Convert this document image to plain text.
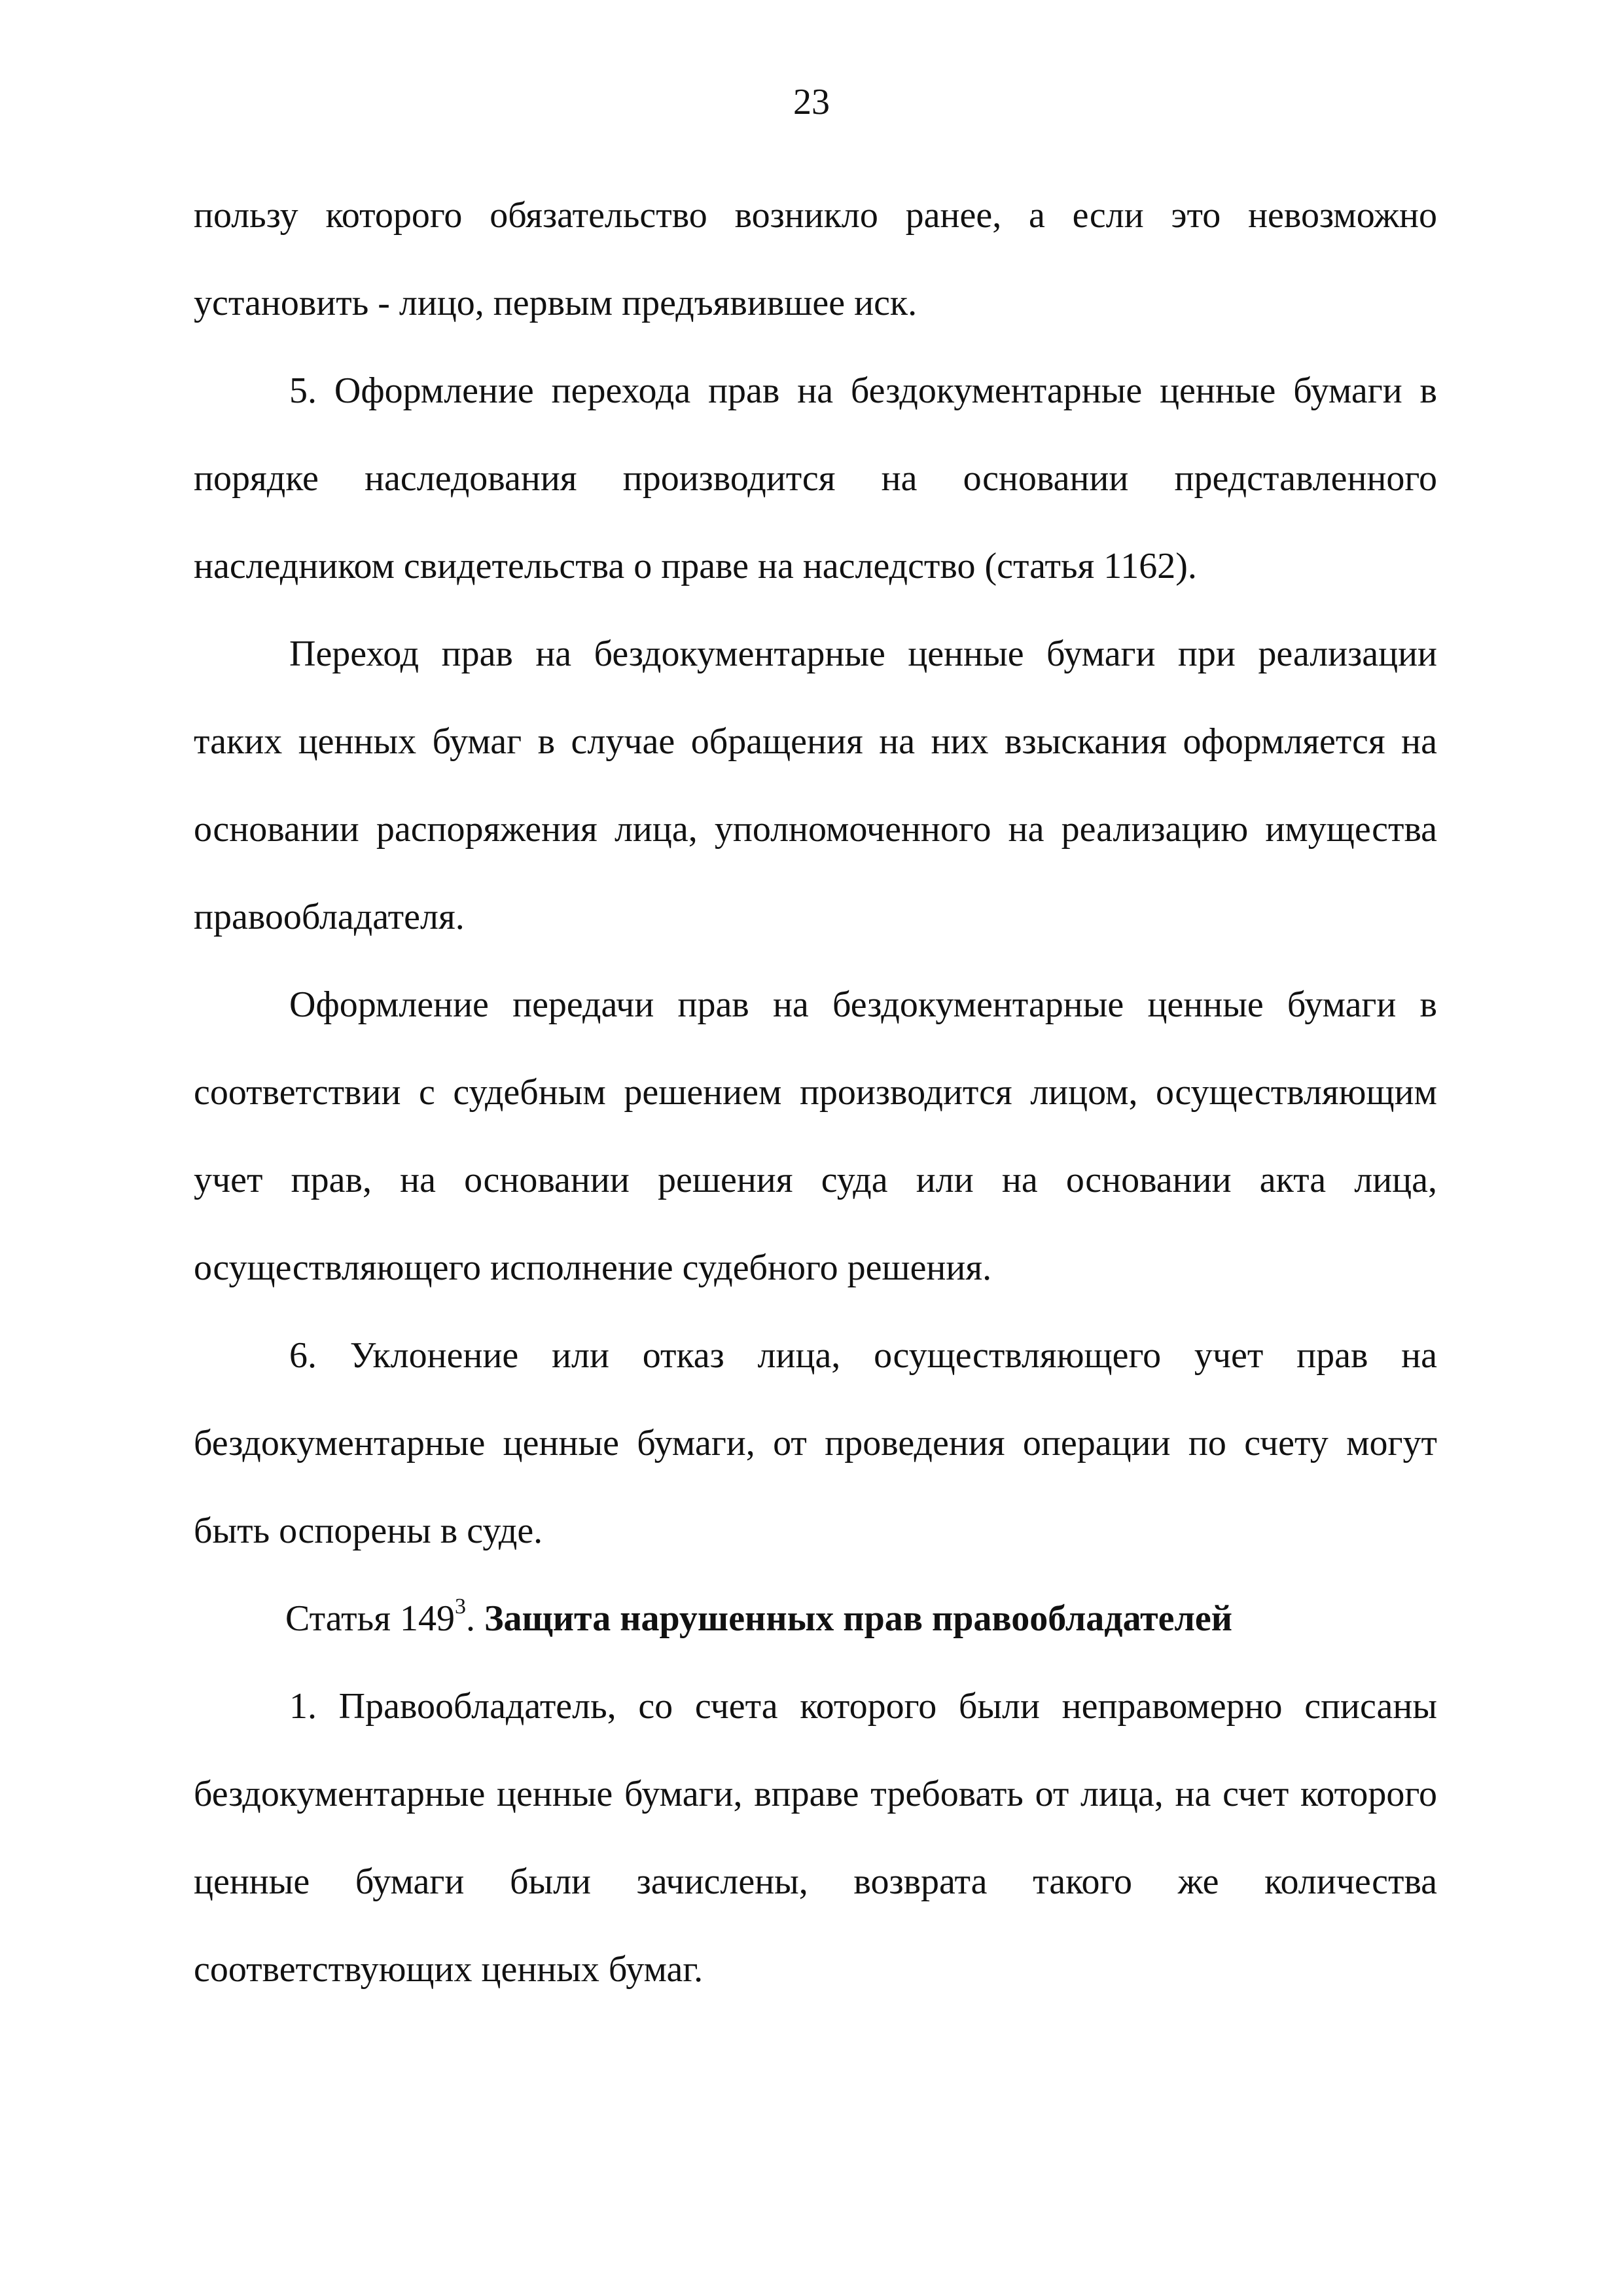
23

пользу которого обязательство возникло ранее, а если это невозможно установить - лицо, первым предъявившее иск.

5. Оформление перехода прав на бездокументарные ценные бумаги в порядке наследования производится на основании представленного наследником свидетельства о праве на наследство (статья 1162).

Переход прав на бездокументарные ценные бумаги при реализации таких ценных бумаг в случае обращения на них взыскания оформляется на основании распоряжения лица, уполномоченного на реализацию имущества правообладателя.

Оформление передачи прав на бездокументарные ценные бумаги в соответствии с судебным решением производится лицом, осуществляющим учет прав, на основании решения суда или на основании акта лица, осуществляющего исполнение судебного решения.

6. Уклонение или отказ лица, осуществляющего учет прав на бездокументарные ценные бумаги, от проведения операции по счету могут быть оспорены в суде.

Статья $149^3$. Защита нарушенных прав правообладателей

1. Правообладатель, со счета которого были неправомерно списаны бездокументарные ценные бумаги, вправе требовать от лица, на счет которого ценные бумаги были зачислены, возврата такого же количества соответствующих ценных бумаг.
